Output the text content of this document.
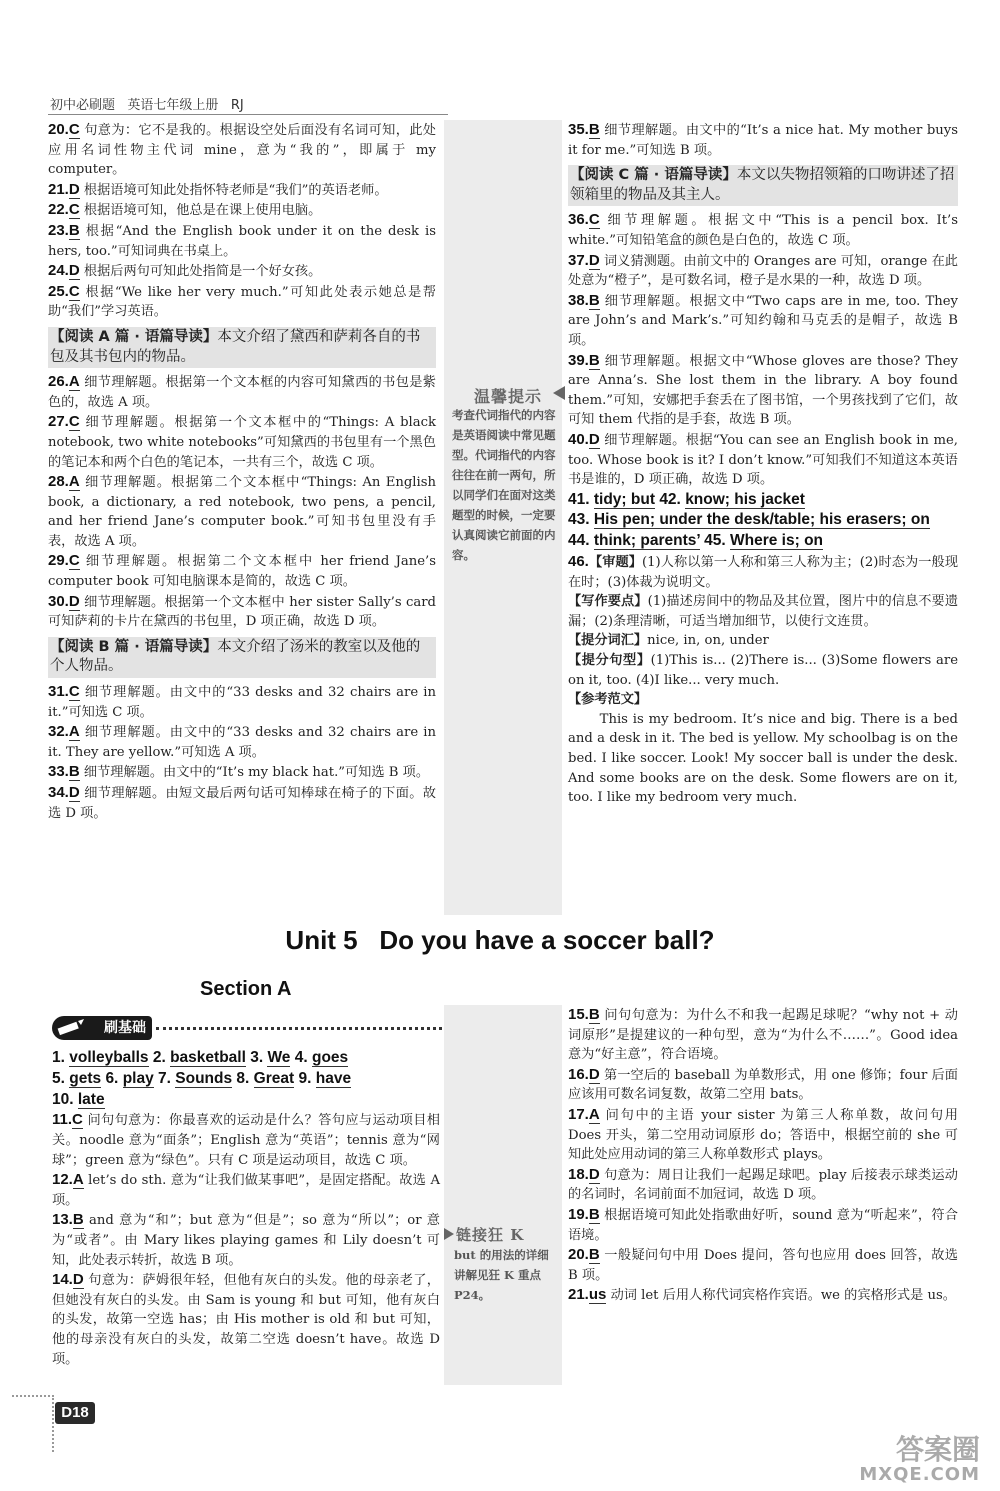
初中必刷题 英语七年级上册 RJ
温馨提示
考查代词指代的内容是英语阅读中常见题型。代词指代的内容往往在前一两句，所以同学们在面对这类题型的时候，一定要认真阅读它前面的内容。
链接狂 K
but 的用法的详细讲解见狂 K 重点 P24。

20.C 句意为：它不是我的。根据设空处后面没有名词可知，此处应用名词性物主代词 mine，意为“我的”，即属于 my computer。

21.D 根据语境可知此处指怀特老师是“我们”的英语老师。

22.C 根据语境可知，他总是在课上使用电脑。

23.B 根据“And the English book under it on the desk is hers, too.”可知词典在书桌上。

24.D 根据后两句可知此处指简是一个好女孩。

25.C 根据“We like her very much.”可知此处表示她总是帮助“我们”学习英语。

【阅读 A 篇 · 语篇导读】本文介绍了黛西和萨莉各自的书包及其书包内的物品。

26.A 细节理解题。根据第一个文本框的内容可知黛西的书包是紫色的，故选 A 项。

27.C 细节理解题。根据第一个文本框中的“Things: A black notebook, two white notebooks”可知黛西的书包里有一个黑色的笔记本和两个白色的笔记本，一共有三个，故选 C 项。

28.A 细节理解题。根据第二个文本框中“Things: An English book, a dictionary, a red notebook, two pens, a pencil, and her friend Jane’s computer book.”可知书包里没有手表，故选 A 项。

29.C 细节理解题。根据第二个文本框中 her friend Jane’s computer book 可知电脑课本是简的，故选 C 项。

30.D 细节理解题。根据第一个文本框中 her sister Sally’s card 可知萨莉的卡片在黛西的书包里，D 项正确，故选 D 项。

【阅读 B 篇 · 语篇导读】本文介绍了汤米的教室以及他的个人物品。

31.C 细节理解题。由文中的“33 desks and 32 chairs are in it.”可知选 C 项。

32.A 细节理解题。由文中的“33 desks and 32 chairs are in it. They are yellow.”可知选 A 项。

33.B 细节理解题。由文中的“It’s my black hat.”可知选 B 项。

34.D 细节理解题。由短文最后两句话可知棒球在椅子的下面。故选 D 项。

35.B 细节理解题。由文中的“It’s a nice hat. My mother buys it for me.”可知选 B 项。

【阅读 C 篇 · 语篇导读】本文以失物招领箱的口吻讲述了招领箱里的物品及其主人。

36.C 细节理解题。根据文中“This is a pencil box. It’s white.”可知铅笔盒的颜色是白色的，故选 C 项。

37.D 词义猜测题。由前文中的 Oranges are 可知，orange 在此处意为“橙子”，是可数名词，橙子是水果的一种，故选 D 项。

38.B 细节理解题。根据文中“Two caps are in me, too. They are John’s and Mark’s.”可知约翰和马克丢的是帽子，故选 B 项。

39.B 细节理解题。根据文中“Whose gloves are those? They are Anna’s. She lost them in the library. A boy found them.”可知，安娜把手套丢在了图书馆，一个男孩找到了它们，故可知 them 代指的是手套，故选 B 项。

40.D 细节理解题。根据“You can see an English book in me, too. Whose book is it? I don’t know.”可知我们不知道这本英语书是谁的，D 项正确，故选 D 项。

41. tidy; but 42. know; his jacket
43. His pen; under the desk/table; his erasers; on
44. think; parents’ 45. Where is; on

46.【审题】(1)人称以第一人称和第三人称为主；(2)时态为一般现在时；(3)体裁为说明文。

【写作要点】(1)描述房间中的物品及其位置，图片中的信息不要遗漏；(2)条理清晰，可适当增加细节，以使行文连贯。

【提分词汇】nice, in, on, under

【提分句型】(1)This is... (2)There is... (3)Some flowers are on it, too. (4)I like... very much.

【参考范文】

This is my bedroom. It’s nice and big. There is a bed and a desk in it. The bed is yellow. My schoolbag is on the bed. I like soccer. Look! My soccer ball is under the desk. And some books are on the desk. Some flowers are on it, too. I like my bedroom very much.

Unit 5   Do you have a soccer ball?
Section A
刷基础
1. volleyballs 2. basketball 3. We 4. goes
5. gets 6. play 7. Sounds 8. Great 9. have
10. late

11.C 问句句意为：你最喜欢的运动是什么？答句应与运动项目相关。noodle 意为“面条”；English 意为“英语”；tennis 意为“网球”；green 意为“绿色”。只有 C 项是运动项目，故选 C 项。

12.A let’s do sth. 意为“让我们做某事吧”，是固定搭配。故选 A 项。

13.B and 意为“和”；but 意为“但是”；so 意为“所以”；or 意为“或者”。由 Mary likes playing games 和 Lily doesn’t 可知，此处表示转折，故选 B 项。

14.D 句意为：萨姆很年轻，但他有灰白的头发。他的母亲老了，但她没有灰白的头发。由 Sam is young 和 but 可知，他有灰白的头发，故第一空选 has；由 His mother is old 和 but 可知，他的母亲没有灰白的头发，故第二空选 doesn’t have。故选 D 项。

15.B 问句句意为：为什么不和我一起踢足球呢？“why not + 动词原形”是提建议的一种句型，意为“为什么不……”。Good idea 意为“好主意”，符合语境。

16.D 第一空后的 baseball 为单数形式，用 one 修饰；four 后面应该用可数名词复数，故第二空用 bats。

17.A 问句中的主语 your sister 为第三人称单数，故问句用 Does 开头，第二空用动词原形 do；答语中，根据空前的 she 可知此处应用动词的第三人称单数形式 plays。

18.D 句意为：周日让我们一起踢足球吧。play 后接表示球类运动的名词时，名词前面不加冠词，故选 D 项。

19.B 根据语境可知此处指歌曲好听，sound 意为“听起来”，符合语境。

20.B 一般疑问句中用 Does 提问，答句也应用 does 回答，故选 B 项。

21.us 动词 let 后用人称代词宾格作宾语。we 的宾格形式是 us。

D18
答案圈
MXQE.COM
